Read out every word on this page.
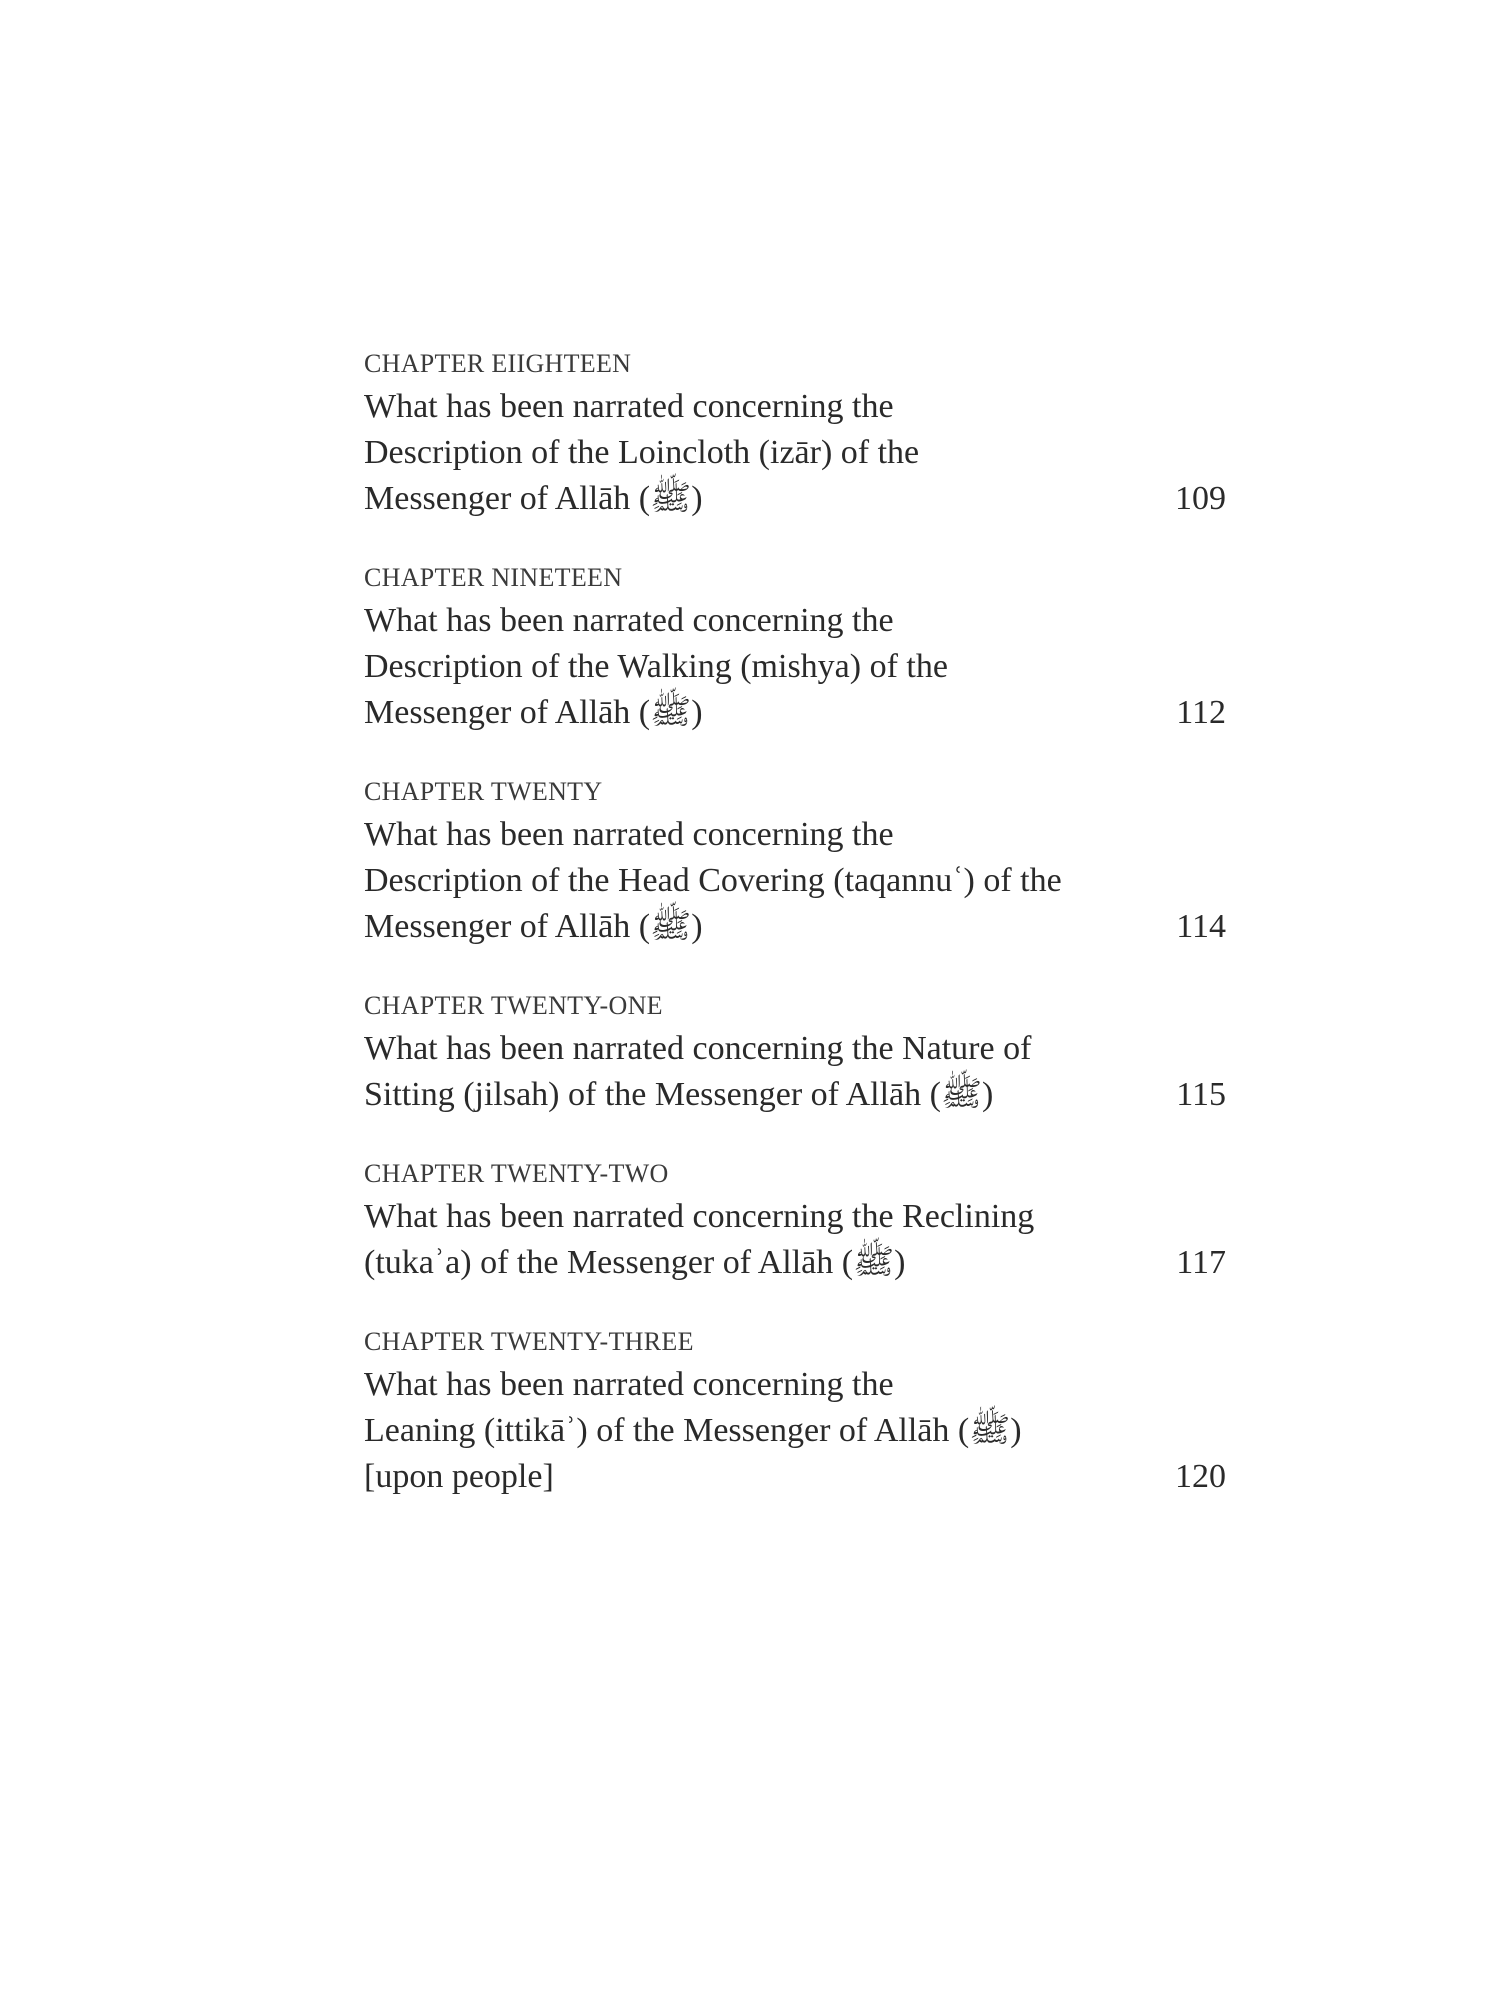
CHAPTER EIIGHTEEN
What has been narrated concerning the
Description of the Loincloth (izār) of the
Messenger of Allāh (ﷺ)	109
CHAPTER NINETEEN
What has been narrated concerning the
Description of the Walking (mishya) of the
Messenger of Allāh (ﷺ)	112
CHAPTER TWENTY
What has been narrated concerning the
Description of the Head Covering (taqannuʿ) of the
Messenger of Allāh (ﷺ)	114
CHAPTER TWENTY-ONE
What has been narrated concerning the Nature of
Sitting (jilsah) of the Messenger of Allāh (ﷺ)	115
CHAPTER TWENTY-TWO
What has been narrated concerning the Reclining
(tukaʾa) of the Messenger of Allāh (ﷺ)	117
CHAPTER TWENTY-THREE
What has been narrated concerning the
Leaning (ittikāʾ) of the Messenger of Allāh (ﷺ)
[upon people]	120
